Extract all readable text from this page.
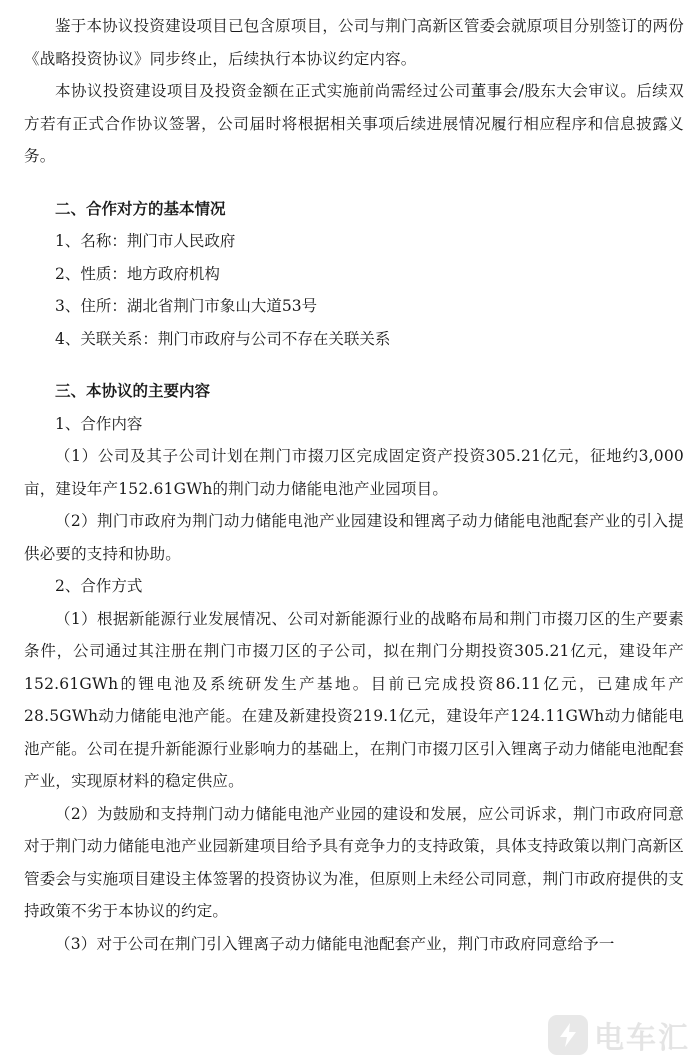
鉴于本协议投资建设项目已包含原项目，公司与荆门高新区管委会就原项目分别签订的两份《战略投资协议》同步终止，后续执行本协议约定内容。

本协议投资建设项目及投资金额在正式实施前尚需经过公司董事会/股东大会审议。后续双方若有正式合作协议签署，公司届时将根据相关事项后续进展情况履行相应程序和信息披露义务。

二、合作对方的基本情况

1、名称：荆门市人民政府

2、性质：地方政府机构

3、住所：湖北省荆门市象山大道53号

4、关联关系：荆门市政府与公司不存在关联关系

三、本协议的主要内容

1、合作内容

（1）公司及其子公司计划在荆门市掇刀区完成固定资产投资305.21亿元，征地约3,000亩，建设年产152.61GWh的荆门动力储能电池产业园项目。

（2）荆门市政府为荆门动力储能电池产业园建设和锂离子动力储能电池配套产业的引入提供必要的支持和协助。

2、合作方式

（1）根据新能源行业发展情况、公司对新能源行业的战略布局和荆门市掇刀区的生产要素条件，公司通过其注册在荆门市掇刀区的子公司，拟在荆门分期投资305.21亿元，建设年产152.61GWh的锂电池及系统研发生产基地。目前已完成投资86.11亿元，已建成年产28.5GWh动力储能电池产能。在建及新建投资219.1亿元，建设年产124.11GWh动力储能电池产能。公司在提升新能源行业影响力的基础上，在荆门市掇刀区引入锂离子动力储能电池配套产业，实现原材料的稳定供应。

（2）为鼓励和支持荆门动力储能电池产业园的建设和发展，应公司诉求，荆门市政府同意对于荆门动力储能电池产业园新建项目给予具有竞争力的支持政策，具体支持政策以荆门高新区管委会与实施项目建设主体签署的投资协议为准，但原则上未经公司同意，荆门市政府提供的支持政策不劣于本协议的约定。

（3）对于公司在荆门引入锂离子动力储能电池配套产业，荆门市政府同意给予一

电车汇
